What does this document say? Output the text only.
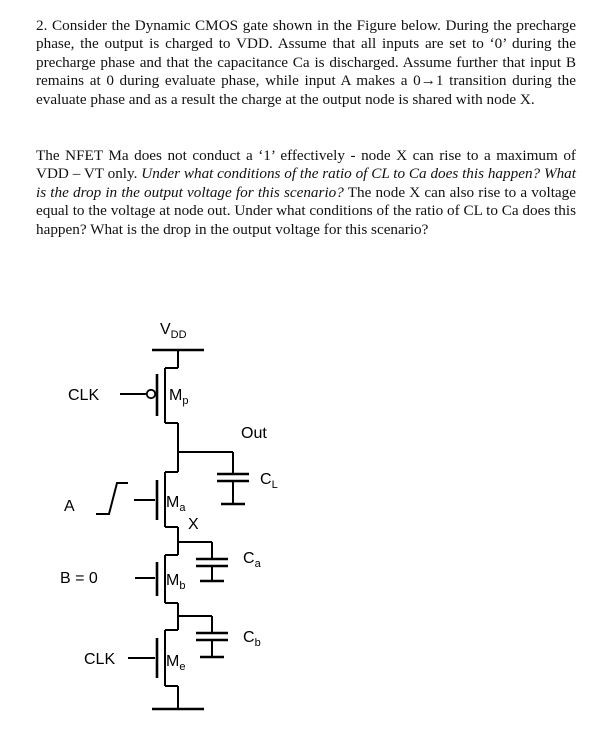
2. Consider the Dynamic CMOS gate shown in the Figure below. During the precharge phase, the output is charged to VDD. Assume that all inputs are set to ‘0’ during the precharge phase and that the capacitance Ca is discharged. Assume further that input B remains at 0 during evaluate phase, while input A makes a 0→1 transition during the evaluate phase and as a result the charge at the output node is shared with node X.

The NFET Ma does not conduct a ‘1’ effectively - node X can rise to a maximum of VDD – VT only. Under what conditions of the ratio of CL to Ca does this happen? What is the drop in the output voltage for this scenario? The node X can also rise to a voltage equal to the voltage at node out. Under what conditions of the ratio of CL to Ca does this happen? What is the drop in the output voltage for this scenario?

$V_{DD}$
CLK	$M_p$
Out
$C_L$
A	$M_a$
X
$C_a$
B = 0	$M_b$
$C_b$
CLK	$M_e$
